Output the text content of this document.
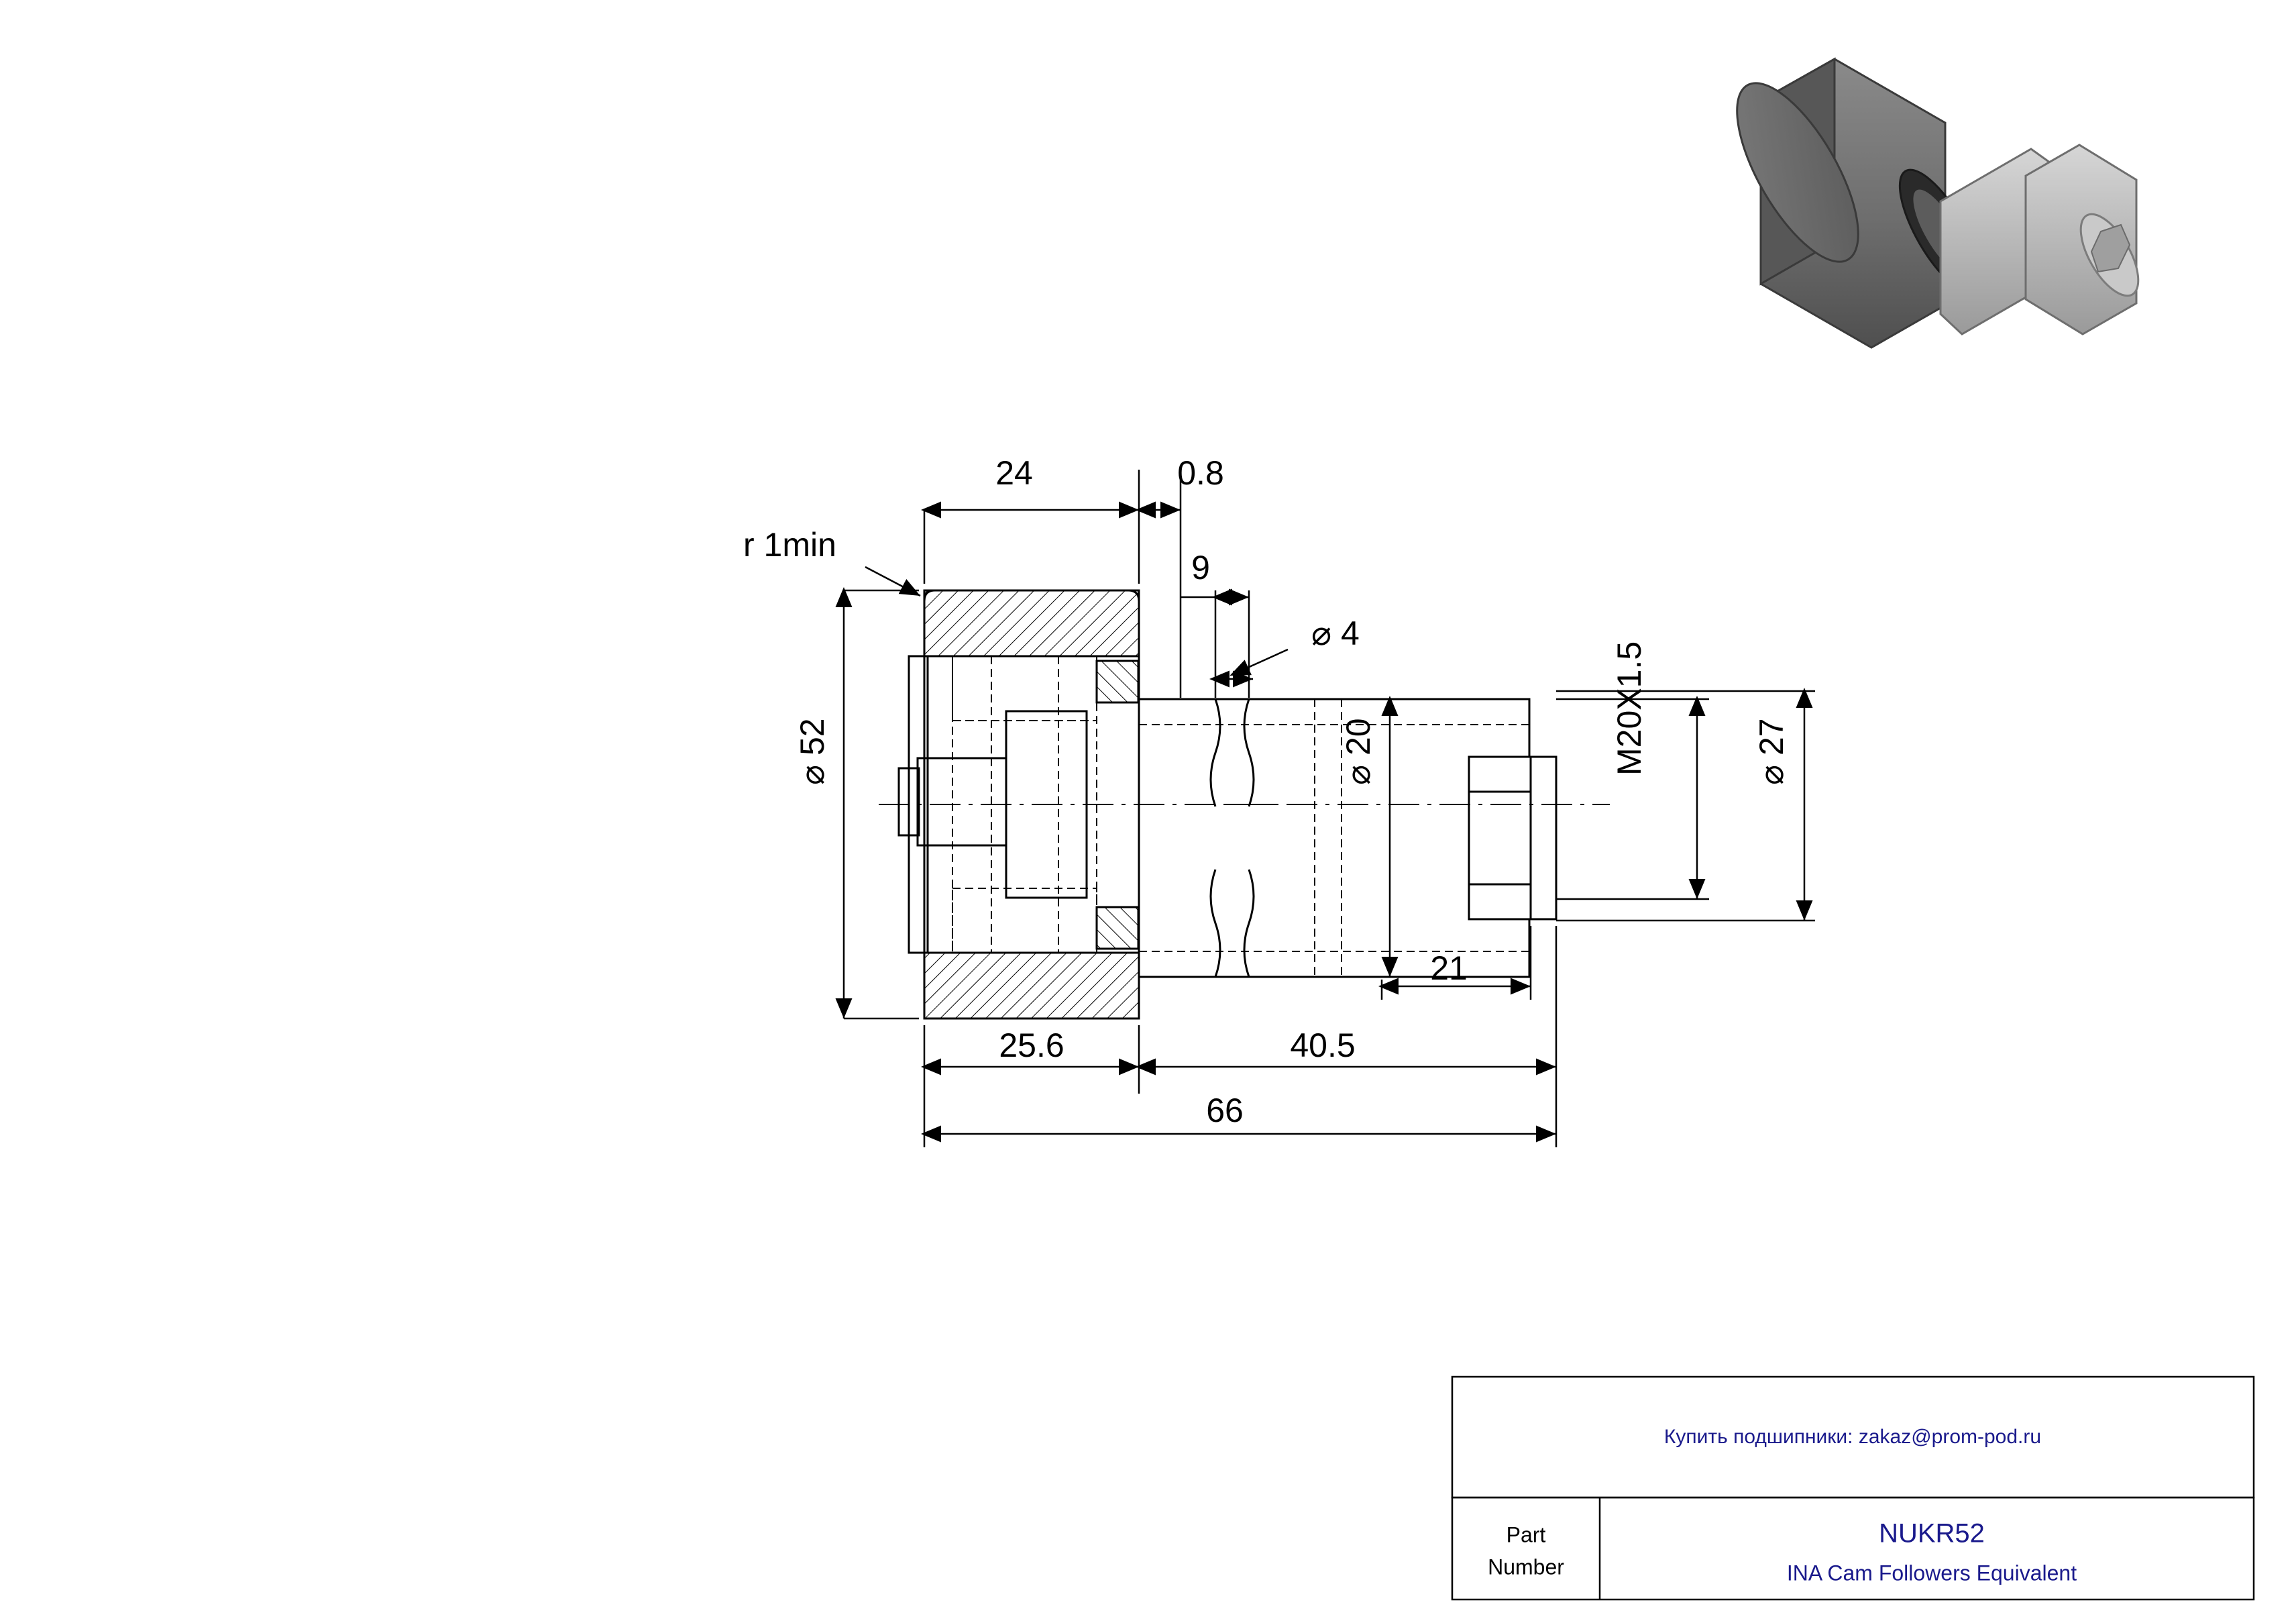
24	0.8
9
⌀ 4
r 1min
⌀ 52	⌀ 20	M20X1.5	⌀ 27
25.6	40.5
21
66
Купить подшипники: zakaz@prom-pod.ru
Part
Number
NUKR52
INA Cam Followers Equivalent
